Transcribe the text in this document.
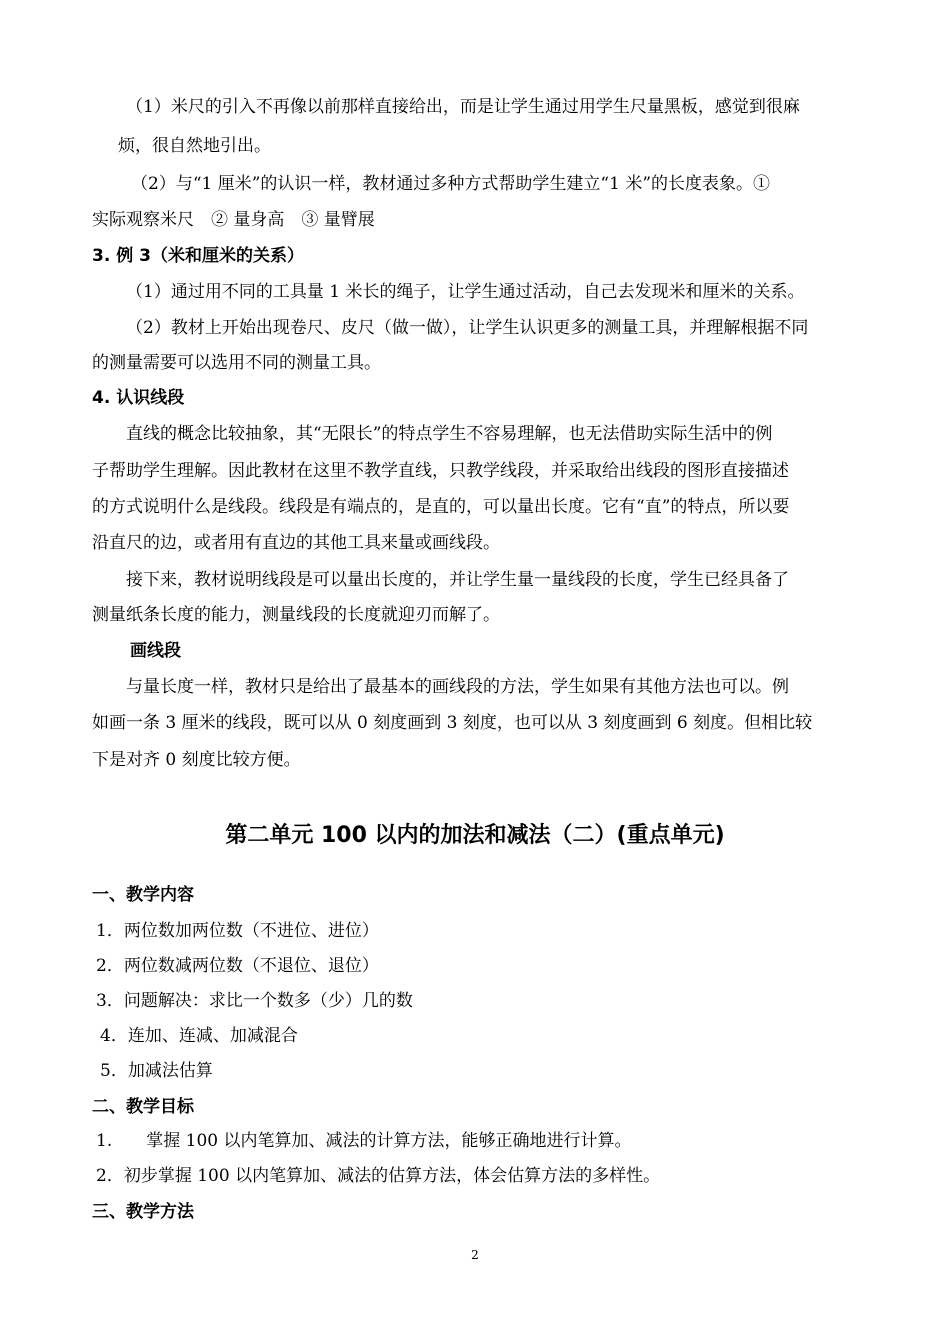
（1）米尺的引入不再像以前那样直接给出，而是让学生通过用学生尺量黑板，感觉到很麻
烦，很自然地引出。
（2）与“1 厘米”的认识一样，教材通过多种方式帮助学生建立“1 米”的长度表象。①
实际观察米尺　② 量身高　③ 量臂展
3. 例 3（米和厘米的关系）
（1）通过用不同的工具量 1 米长的绳子，让学生通过活动，自己去发现米和厘米的关系。
（2）教材上开始出现卷尺、皮尺（做一做），让学生认识更多的测量工具，并理解根据不同
的测量需要可以选用不同的测量工具。
4. 认识线段
直线的概念比较抽象，其“无限长”的特点学生不容易理解，也无法借助实际生活中的例
子帮助学生理解。因此教材在这里不教学直线，只教学线段，并采取给出线段的图形直接描述
的方式说明什么是线段。线段是有端点的，是直的，可以量出长度。它有“直”的特点，所以要
沿直尺的边，或者用有直边的其他工具来量或画线段。
接下来，教材说明线段是可以量出长度的，并让学生量一量线段的长度，学生已经具备了
测量纸条长度的能力，测量线段的长度就迎刃而解了。
画线段
与量长度一样，教材只是给出了最基本的画线段的方法，学生如果有其他方法也可以。例
如画一条 3 厘米的线段，既可以从 0 刻度画到 3 刻度，也可以从 3 刻度画到 6 刻度。但相比较
下是对齐 0 刻度比较方便。
第二单元 100 以内的加法和减法（二）(重点单元)
一、教学内容
1．两位数加两位数（不进位、进位）
2．两位数减两位数（不退位、退位）
3．问题解决：求比一个数多（少）几的数
4．连加、连减、加减混合
5．加减法估算
二、教学目标
1.　　掌握 100 以内笔算加、减法的计算方法，能够正确地进行计算。
2．初步掌握 100 以内笔算加、减法的估算方法，体会估算方法的多样性。
三、教学方法
2
